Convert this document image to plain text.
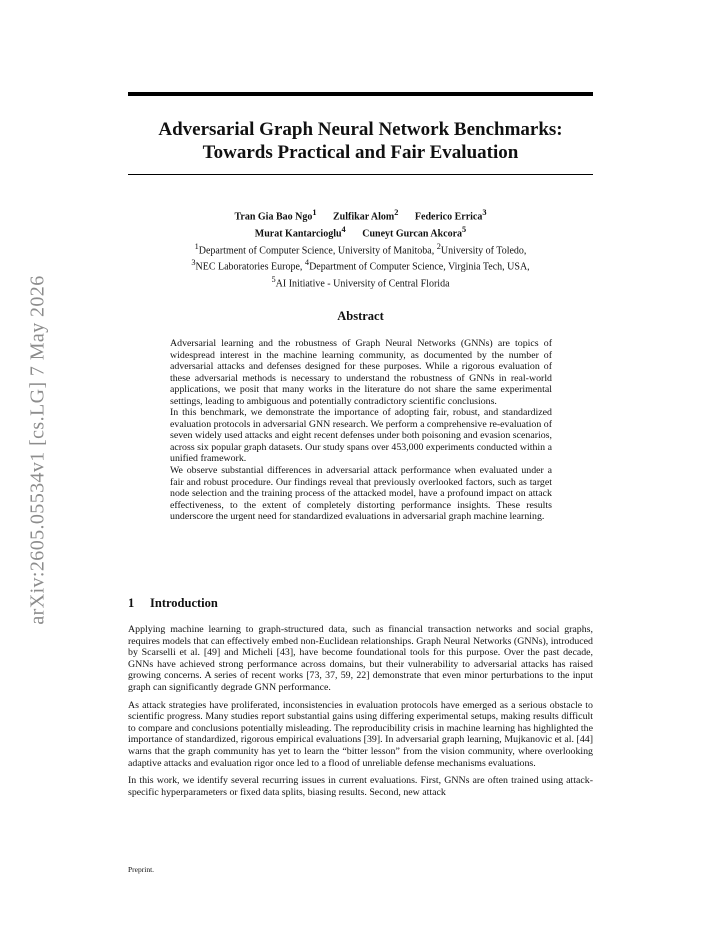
arXiv:2605.05534v1 [cs.LG] 7 May 2026
Adversarial Graph Neural Network Benchmarks:
Towards Practical and Fair Evaluation
Tran Gia Bao Ngo$^1$ Zulfikar Alom$^2$ Federico Errica$^3$
Murat Kantarcioglu$^4$ Cuneyt Gurcan Akcora$^5$
$^1$Department of Computer Science, University of Manitoba, $^2$University of Toledo,
$^3$NEC Laboratories Europe, $^4$Department of Computer Science, Virginia Tech, USA,
$^5$AI Initiative - University of Central Florida
Abstract

Adversarial learning and the robustness of Graph Neural Networks (GNNs) are topics of widespread interest in the machine learning community, as documented by the number of adversarial attacks and defenses designed for these purposes. While a rigorous evaluation of these adversarial methods is necessary to understand the robustness of GNNs in real-world applications, we posit that many works in the literature do not share the same experimental settings, leading to ambiguous and potentially contradictory scientific conclusions.

In this benchmark, we demonstrate the importance of adopting fair, robust, and standardized evaluation protocols in adversarial GNN research. We perform a comprehensive re-evaluation of seven widely used attacks and eight recent defenses under both poisoning and evasion scenarios, across six popular graph datasets. Our study spans over 453,000 experiments conducted within a unified framework.

We observe substantial differences in adversarial attack performance when evaluated under a fair and robust procedure. Our findings reveal that previously overlooked factors, such as target node selection and the training process of the attacked model, have a profound impact on attack effectiveness, to the extent of completely distorting performance insights. These results underscore the urgent need for standardized evaluations in adversarial graph machine learning.

1 Introduction

Applying machine learning to graph-structured data, such as financial transaction networks and social graphs, requires models that can effectively embed non-Euclidean relationships. Graph Neural Networks (GNNs), introduced by Scarselli et al. [49] and Micheli [43], have become foundational tools for this purpose. Over the past decade, GNNs have achieved strong performance across domains, but their vulnerability to adversarial attacks has raised growing concerns. A series of recent works [73, 37, 59, 22] demonstrate that even minor perturbations to the input graph can significantly degrade GNN performance.

As attack strategies have proliferated, inconsistencies in evaluation protocols have emerged as a serious obstacle to scientific progress. Many studies report substantial gains using differing experimental setups, making results difficult to compare and conclusions potentially misleading. The reproducibility crisis in machine learning has highlighted the importance of standardized, rigorous empirical evaluations [39]. In adversarial graph learning, Mujkanovic et al. [44] warns that the graph community has yet to learn the “bitter lesson” from the vision community, where overlooking adaptive attacks and evaluation rigor once led to a flood of unreliable defense mechanisms evaluations.

In this work, we identify several recurring issues in current evaluations. First, GNNs are often trained using attack-specific hyperparameters or fixed data splits, biasing results. Second, new attack

Preprint.
